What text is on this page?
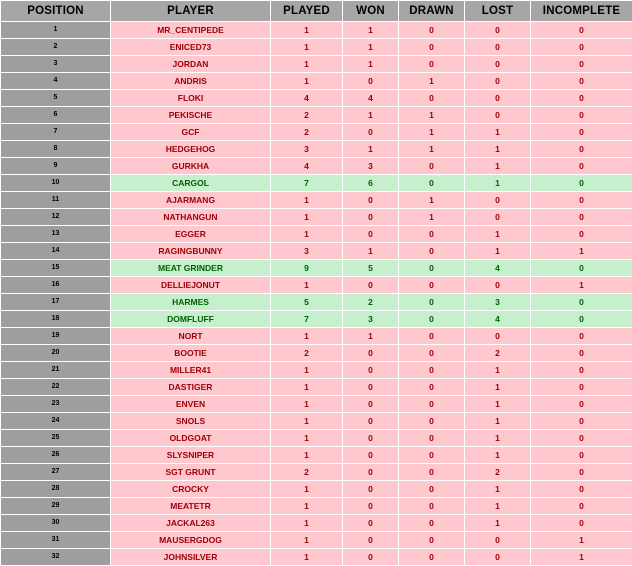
POSITION	PLAYER	PLAYED	WON	DRAWN	LOST	INCOMPLETE
1	MR_CENTIPEDE	1	1	0	0	0
2	ENICED73	1	1	0	0	0
3	JORDAN	1	1	0	0	0
4	ANDRIS	1	0	1	0	0
5	FLOKI	4	4	0	0	0
6	PEKISCHE	2	1	1	0	0
7	GCF	2	0	1	1	0
8	HEDGEHOG	3	1	1	1	0
9	GURKHA	4	3	0	1	0
10	CARGOL	7	6	0	1	0
11	AJARMANG	1	0	1	0	0
12	NATHANGUN	1	0	1	0	0
13	EGGER	1	0	0	1	0
14	RAGINGBUNNY	3	1	0	1	1
15	MEAT GRINDER	9	5	0	4	0
16	DELLIEJONUT	1	0	0	0	1
17	HARMES	5	2	0	3	0
18	DOMFLUFF	7	3	0	4	0
19	NORT	1	1	0	0	0
20	BOOTIE	2	0	0	2	0
21	MILLER41	1	0	0	1	0
22	DASTIGER	1	0	0	1	0
23	ENVEN	1	0	0	1	0
24	SNOLS	1	0	0	1	0
25	OLDGOAT	1	0	0	1	0
26	SLYSNIPER	1	0	0	1	0
27	SGT GRUNT	2	0	0	2	0
28	CROCKY	1	0	0	1	0
29	MEATETR	1	0	0	1	0
30	JACKAL263	1	0	0	1	0
31	MAUSERGDOG	1	0	0	0	1
32	JOHNSILVER	1	0	0	0	1
